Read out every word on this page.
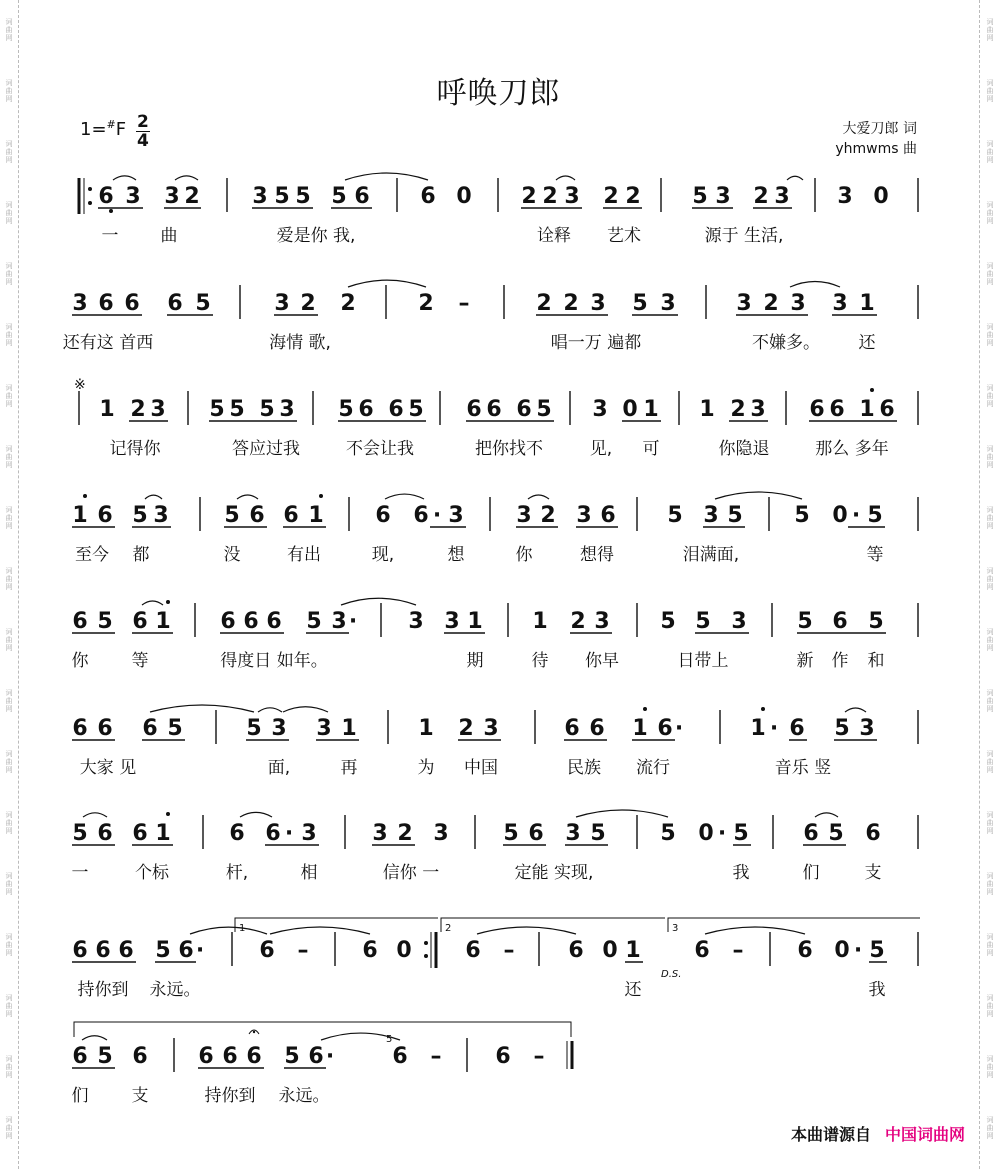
词
曲
网
词
曲
网
词
曲
网
词
曲
网
词
曲
网
词
曲
网
词
曲
网
词
曲
网
词
曲
网
词
曲
网
词
曲
网
词
曲
网
词
曲
网
词
曲
网
词
曲
网
词
曲
网
词
曲
网
词
曲
网
词
曲
网
词
曲
网
词
曲
网
词
曲
网
词
曲
网
词
曲
网
词
曲
网
词
曲
网
词
曲
网
词
曲
网
词
曲
网
词
曲
网
词
曲
网
词
曲
网
词
曲
网
词
曲
网
词
曲
网
词
曲
网
词
曲
网
词
曲
网
呼唤刀郎
1=#F 2
4
大爱刀郎 词
yhmwms 曲
6 3 3 2 3 5 5 5 6 6 0 2 2 3 2 2 5 3 2 3 3 0
3 6 6 6 5	3 2 2	2 –	2 2 3 5 3	3 2 3 3 1
1 2 3 5 5 5 3 5 6 6 5 6 6 6 5 3 0 1 1 2 3 6 6 1 6
1 6 5 3	5 6 6 1 6 6 · 3 3 2 3 6 5 3 5 5 0 · 5
6 5 6 1 6 6 6 5 3 · 3 3 1 1 2 3 5 5 3 5 6 5
6 6 6 5	5 3 3 1	1 2 3	6 6 1 6 ·	1 · 6 5 3
5 6 6 1	6 6 · 3	3 2 3 5 6 3 5 5 0 · 5 6 5 6
6 6 6 5 6 ·	6 – 6 0 6 – 6 0 1 6 – 6 0 · 5
6 5 6 6 6 6 5 6 ·	6 – 6 –
一 曲	爱是你 我,	诠释 艺术	源于 生活,
还有这 首西	海情 歌,	唱一万 遍都	不嫌多。 还
记得你	答应过我	不会让我	把你找不	见, 可	你隐退	那么 多年
至今 都	没	有出	现,	想	你	想得	泪满面,	等
你	等	得度日 如年。	期	待 你早	日带上	新 作 和
大家 见	面,	再	为 中国	民族 流行	音乐 竖
一	个标	杆,	相	信你 一	定能 实现,	我	们	支
持你到 永远。	还	我
们	支	持你到 永远。
※
1	2	3
D.S.
5
本曲谱源自 中国词曲网
